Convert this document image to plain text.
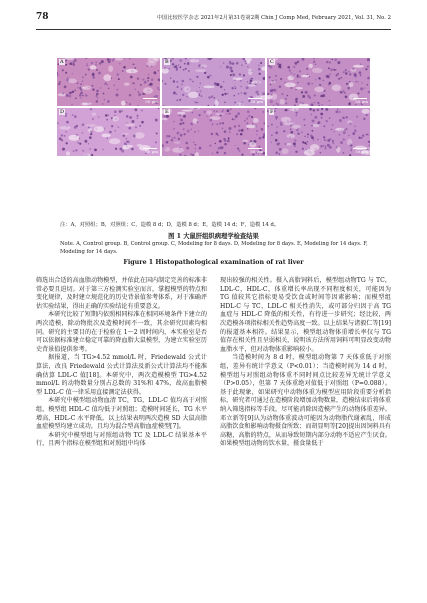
78	中国比较医学杂志 2021年2月第31卷第2期 Chin J Comp Med, February 2021, Vol. 31, No. 2
A
50 μm
B
50 μm
C
50 μm
D
50 μm
E
50 μm
F
50 μm
注：A，对照组；B，对照组；C，造模 8 d；D，造模 8 d；E，造模 14 d；F，造模 14 d。
图 1 大鼠肝组织病理学检查结果
Note. A, Control group. B, Control group. C, Modeling for 8 days. D, Modeling for 8 days. E, Modeling for 14 days. F,
Modeling for 14 days.
Figure 1 Histopathological examination of rat liver

筛选出合适的高血脂动物模型，并依此在国内制定完善的标准非常必要且迫切。对于第三方检测实验室而言，掌握模型的特点和变化规律，及时建立规范化的历史背景值参考体系，对于准确评估实验结果，得出正确的实验结论有重要意义。

本研究比较了短期内依照相同标准在相同环境条件下建立的两次造模，除动物批次及造模时间不一致，其余研究因素均相同。研究的主要目的在于检验在 1～2 周时间内，本实验室是否可以依据标准建立稳定可靠的降血脂大鼠模型，为建立实验室历史背景值提供参考。

据报道，当 TG>4.52 mmol/L 时，Friedewald 公式计算法，改良 Friedewald 公式计算法及新公式计算法均不能准确估算 LDL-C 值[18]。本研究中，两次造模模型 TG>4.52 mmol/L 的动物数量分别占总数的 31%和 47%，故高血脂模型 LDL-C 值一律采用直接测定法获得。

本研究中模型组动物血清 TC，TG，LDL-C 值均高于对照组，模型组 HDL-C 值均低于对照组；造模时间延长，TG 水平增高，HDL-C 水平降低。以上结果表明两次造模 SD 大鼠高脂血症模型均建立成功，且均为混合型高脂血症模型[7]。

本研究中模型组与对照组动物 TC 及 LDL-C 结果基本平行，且两个指标在模型组和对照组中均体

现出较强的相关性。摄入高脂饲料后，模型组动物TG 与 TC，LDL-C，HDL-C，体重增长率出现不同程度相关，可能因为 TG 值较其它指标更易受饮食或时间等因素影响；而模型组 HDL-C 与 TC，LDL-C 相关性消失，或可部分归因于高 TG 血症与 HDL-C 降低的相关性，有待进一步研究；经比较，两次造模各项指标相关性趋势高度一致。以上结果与诸毅仁等[19]的报道基本相符。结果显示，模型组动物体重增长率仅与 TG 值存在相关性且呈弱相关，说明该方法所用饲料可明显改变动物血脂水平，但对动物体重影响较小。

当造模时间为 8 d 时，模型组动物第 7 天体重低于对照组，差异有统计学意义（P<0.01）；当造模时间为 14 d 时，模型组与对照组动物体重不同时间点比较差异无统计学意义（P>0.05），但第 7 天体重绝对值低于对照组（P=0.088）。基于此现象，如果研究中动物体重为模型应用阶段重要分析指标，研究者可通过在造模阶段增加动物数量，造模结束后将体重纳入筛选指标等手段，尽可能消除因造模产生的动物体重差异。邓立新等[9]认为动物体重波动可能因为动物脂代谢紊乱，形成高脂饮食和影响动物摄食所致；而胡显明等[20]提出因饲料具有高糖，高脂的特点，从而导致短期内部分动物不适应产生厌食。如果模型组动物的饮水量，摄食量低于
